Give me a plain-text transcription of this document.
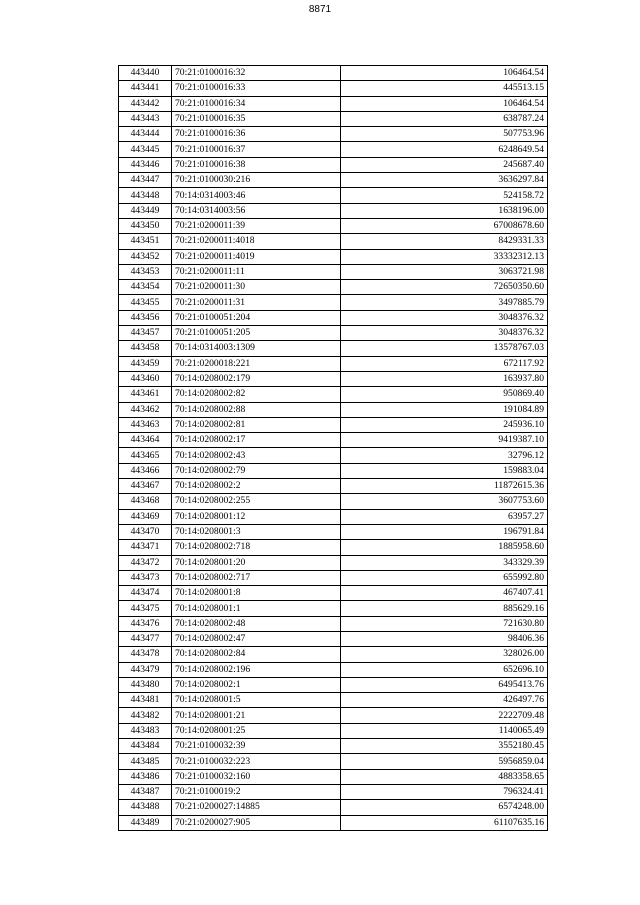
8871
443440	70:21:0100016:32	106464.54
443441	70:21:0100016:33	445513.15
443442	70:21:0100016:34	106464.54
443443	70:21:0100016:35	638787.24
443444	70:21:0100016:36	507753.96
443445	70:21:0100016:37	6248649.54
443446	70:21:0100016:38	245687.40
443447	70:21:0100030:216	3636297.84
443448	70:14:0314003:46	524158.72
443449	70:14:0314003:56	1638196.00
443450	70:21:0200011:39	67008678.60
443451	70:21:0200011:4018	8429331.33
443452	70:21:0200011:4019	33332312.13
443453	70:21:0200011:11	3063721.98
443454	70:21:0200011:30	72650350.60
443455	70:21:0200011:31	3497885.79
443456	70:21:0100051:204	3048376.32
443457	70:21:0100051:205	3048376.32
443458	70:14:0314003:1309	13578767.03
443459	70:21:0200018:221	672117.92
443460	70:14:0208002:179	163937.80
443461	70:14:0208002:82	950869.40
443462	70:14:0208002:88	191084.89
443463	70:14:0208002:81	245936.10
443464	70:14:0208002:17	9419387.10
443465	70:14:0208002:43	32796.12
443466	70:14:0208002:79	159883.04
443467	70:14:0208002:2	11872615.36
443468	70:14:0208002:255	3607753.60
443469	70:14:0208001:12	63957.27
443470	70:14:0208001:3	196791.84
443471	70:14:0208002:718	1885958.60
443472	70:14:0208001:20	343329.39
443473	70:14:0208002:717	655992.80
443474	70:14:0208001:8	467407.41
443475	70:14:0208001:1	885629.16
443476	70:14:0208002:48	721630.80
443477	70:14:0208002:47	98406.36
443478	70:14:0208002:84	328026.00
443479	70:14:0208002:196	652696.10
443480	70:14:0208002:1	6495413.76
443481	70:14:0208001:5	426497.76
443482	70:14:0208001:21	2222709.48
443483	70:14:0208001:25	1140065.49
443484	70:21:0100032:39	3552180.45
443485	70:21:0100032:223	5956859.04
443486	70:21:0100032:160	4883358.65
443487	70:21:0100019:2	796324.41
443488	70:21:0200027:14885	6574248.00
443489	70:21:0200027:905	61107635.16
